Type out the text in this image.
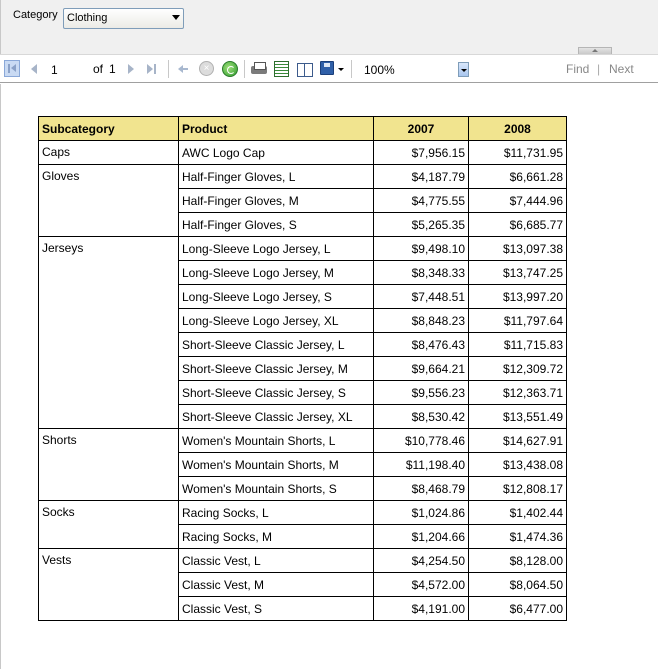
Category Clothing
1
of 1	×	100%	Find | Next
Subcategory	Product	2007	2008
Caps	AWC Logo Cap	$7,956.15	$11,731.95
Gloves	Half-Finger Gloves, L	$4,187.79	$6,661.28
	Half-Finger Gloves, M	$4,775.55	$7,444.96
	Half-Finger Gloves, S	$5,265.35	$6,685.77
Jerseys	Long-Sleeve Logo Jersey, L	$9,498.10	$13,097.38
	Long-Sleeve Logo Jersey, M	$8,348.33	$13,747.25
	Long-Sleeve Logo Jersey, S	$7,448.51	$13,997.20
	Long-Sleeve Logo Jersey, XL	$8,848.23	$11,797.64
	Short-Sleeve Classic Jersey, L	$8,476.43	$11,715.83
	Short-Sleeve Classic Jersey, M	$9,664.21	$12,309.72
	Short-Sleeve Classic Jersey, S	$9,556.23	$12,363.71
	Short-Sleeve Classic Jersey, XL	$8,530.42	$13,551.49
Shorts	Women's Mountain Shorts, L	$10,778.46	$14,627.91
	Women's Mountain Shorts, M	$11,198.40	$13,438.08
	Women's Mountain Shorts, S	$8,468.79	$12,808.17
Socks	Racing Socks, L	$1,024.86	$1,402.44
	Racing Socks, M	$1,204.66	$1,474.36
Vests	Classic Vest, L	$4,254.50	$8,128.00
	Classic Vest, M	$4,572.00	$8,064.50
	Classic Vest, S	$4,191.00	$6,477.00
